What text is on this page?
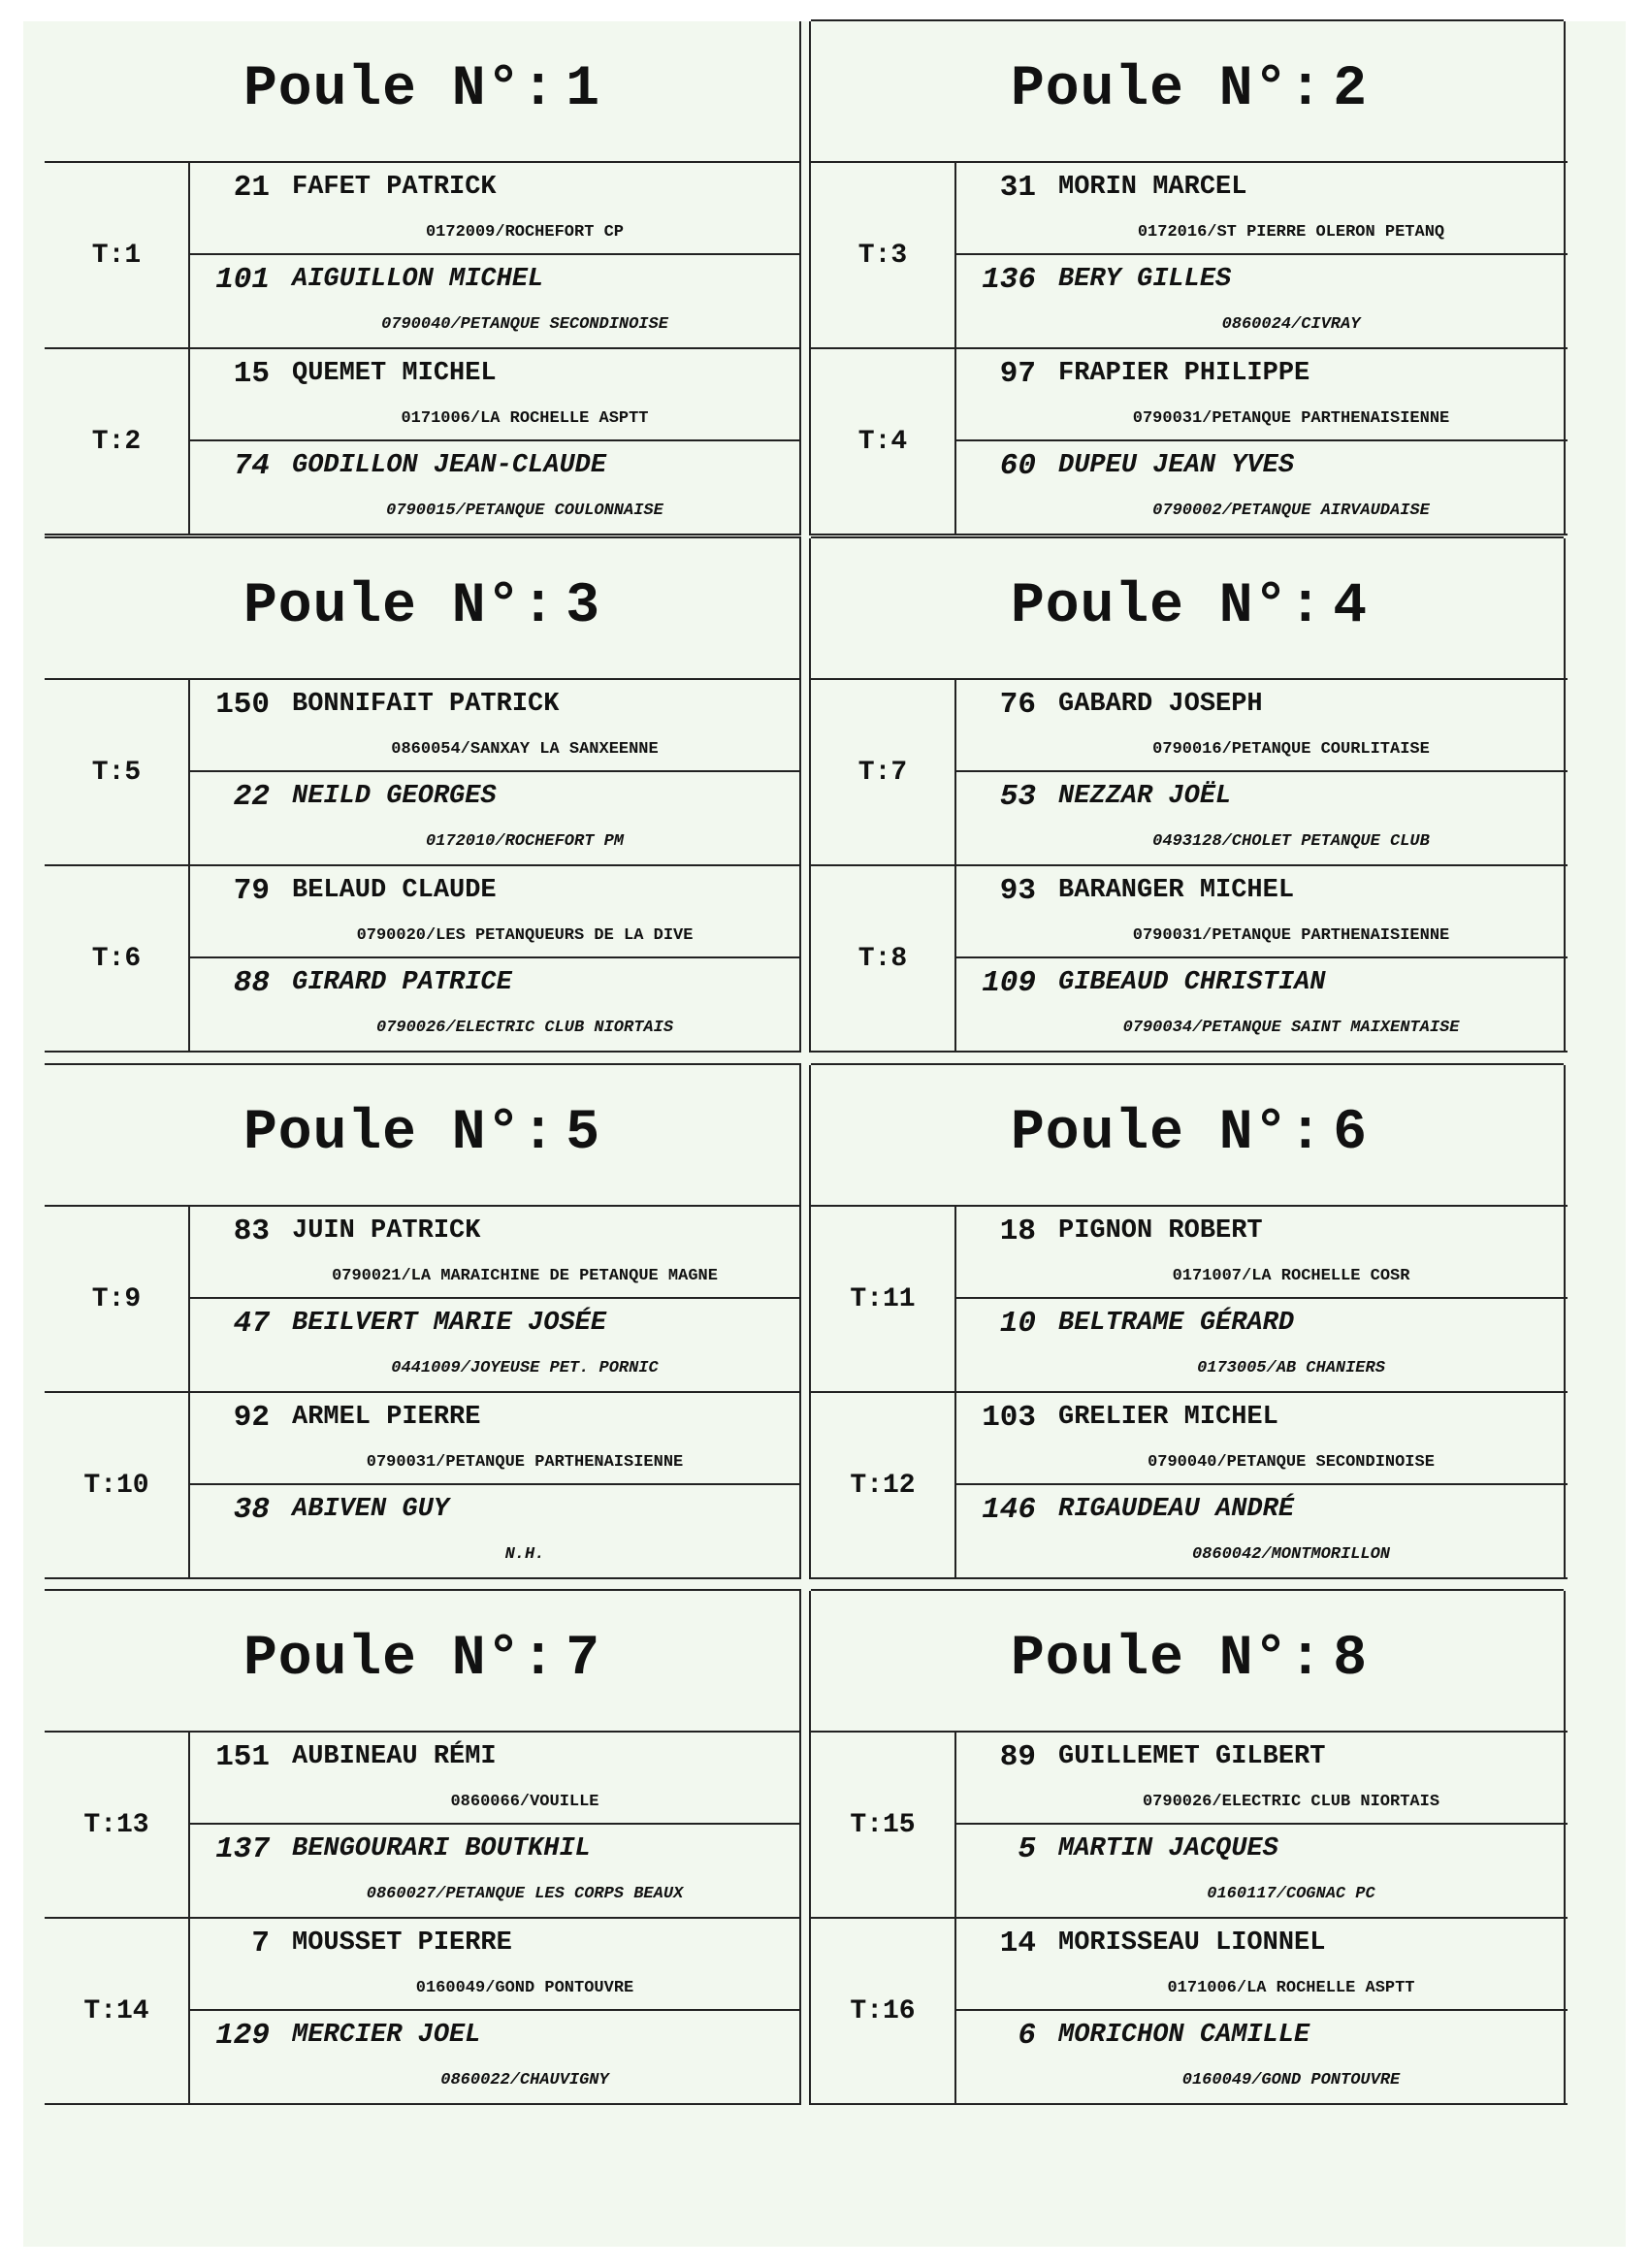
Poule N°: 1
T:1
21 FAFET PATRICK
0172009/ROCHEFORT CP
101 AIGUILLON MICHEL
0790040/PETANQUE SECONDINOISE
T:2
15 QUEMET MICHEL
0171006/LA ROCHELLE ASPTT
74 GODILLON JEAN-CLAUDE
0790015/PETANQUE COULONNAISE
Poule N°: 2
T:3
31 MORIN MARCEL
0172016/ST PIERRE OLERON PETANQ
136 BERY GILLES
0860024/CIVRAY
T:4
97 FRAPIER PHILIPPE
0790031/PETANQUE PARTHENAISIENNE
60 DUPEU JEAN YVES
0790002/PETANQUE AIRVAUDAISE
Poule N°: 3
T:5
150 BONNIFAIT PATRICK
0860054/SANXAY LA SANXEENNE
22 NEILD GEORGES
0172010/ROCHEFORT PM
T:6
79 BELAUD CLAUDE
0790020/LES PETANQUEURS DE LA DIVE
88 GIRARD PATRICE
0790026/ELECTRIC CLUB NIORTAIS
Poule N°: 4
T:7
76 GABARD JOSEPH
0790016/PETANQUE COURLITAISE
53 NEZZAR JOËL
0493128/CHOLET PETANQUE CLUB
T:8
93 BARANGER MICHEL
0790031/PETANQUE PARTHENAISIENNE
109 GIBEAUD CHRISTIAN
0790034/PETANQUE SAINT MAIXENTAISE
Poule N°: 5
T:9
83 JUIN PATRICK
0790021/LA MARAICHINE DE PETANQUE MAGNE
47 BEILVERT MARIE JOSÉE
0441009/JOYEUSE PET. PORNIC
T:10
92 ARMEL PIERRE
0790031/PETANQUE PARTHENAISIENNE
38 ABIVEN GUY
N.H.
Poule N°: 6
T:11
18 PIGNON ROBERT
0171007/LA ROCHELLE COSR
10 BELTRAME GÉRARD
0173005/AB CHANIERS
T:12
103 GRELIER MICHEL
0790040/PETANQUE SECONDINOISE
146 RIGAUDEAU ANDRÉ
0860042/MONTMORILLON
Poule N°: 7
T:13
151 AUBINEAU RÉMI
0860066/VOUILLE
137 BENGOURARI BOUTKHIL
0860027/PETANQUE LES CORPS BEAUX
T:14
7 MOUSSET PIERRE
0160049/GOND PONTOUVRE
129 MERCIER JOEL
0860022/CHAUVIGNY
Poule N°: 8
T:15
89 GUILLEMET GILBERT
0790026/ELECTRIC CLUB NIORTAIS
5 MARTIN JACQUES
0160117/COGNAC PC
T:16
14 MORISSEAU LIONNEL
0171006/LA ROCHELLE ASPTT
6 MORICHON CAMILLE
0160049/GOND PONTOUVRE
